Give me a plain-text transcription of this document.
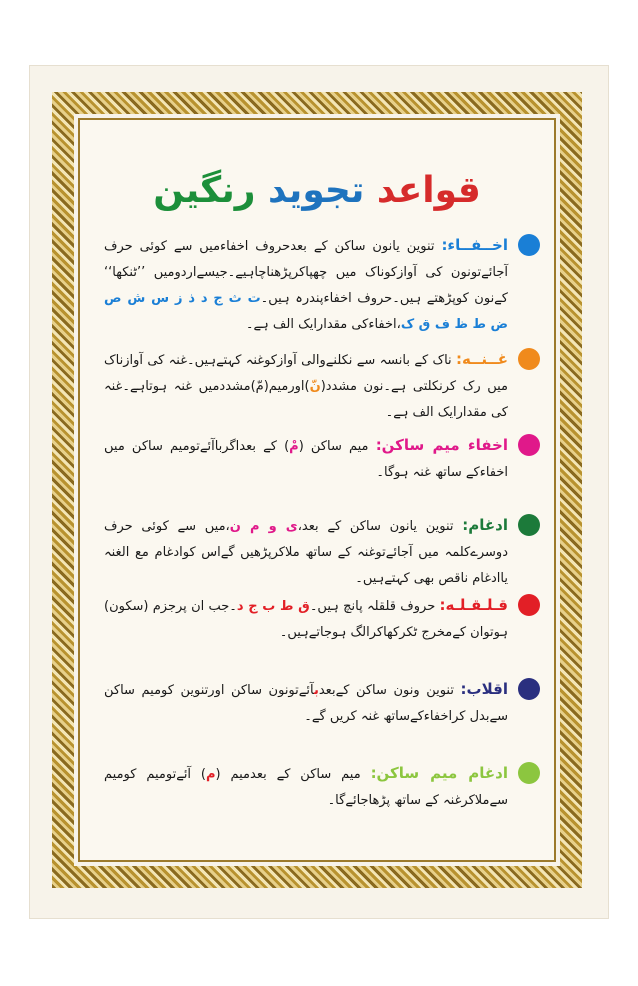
قواعد تجوید رنگین
اخــفــاء: تنوین یانون ساکن کے بعدحروف اخفاءمیں سے کوئی حرف آجائےتونون کی آوازکوناک میں چھپاکرپڑھناچاہیے۔جیسےاردومیں ’’ٹنکھا‘‘ کےنون کوپڑھتے ہیں۔حروف اخفاءپندرہ ہیں۔ت ث ج د ذ ز س ش ص ض ط ظ ف ق ک،اخفاءکی مقدارایک الف ہے۔
غــنــه: ناک کے بانسہ سے نکلنےوالی آوازکوغنہ کہتےہیں۔غنہ کی آوازناک میں رک کرنکلتی ہے۔نون مشدد(نّ)اورمیم(مّ)مشددمیں غنہ ہوتاہے۔غنہ کی مقدارایک الف ہے۔
اخفاء میم ساکن: میم ساکن (مْ) کے بعداگرباآئےتومیم ساکن میں اخفاءکے ساتھ غنہ ہوگا۔
ادغام: تنوین یانون ساکن کے بعد،ی و م ن،میں سے کوئی حرف دوسرےکلمہ میں آجائےتوغنہ کے ساتھ ملاکرپڑھیں گےاس کوادغام مع الغنہ یاادغام ناقص بھی کہتےہیں۔
قـلـقـلـه: حروف قلقلہ پانچ ہیں۔ق ط ب ج د۔جب ان پرجزم (سکون) ہوتوان کےمخرج ٹکرکھاکرالگ ہوجاتےہیں۔
اقلاب: تنوین ونون ساکن کےبعدبآئےتونون ساکن اورتنوین کومیم ساکن سےبدل کراخفاءکےساتھ غنہ کریں گے۔
ادغام میم ساکن: میم ساکن کے بعدمیم (م) آئےتومیم کومیم سےملاکرغنہ کے ساتھ پڑھاجائےگا۔
